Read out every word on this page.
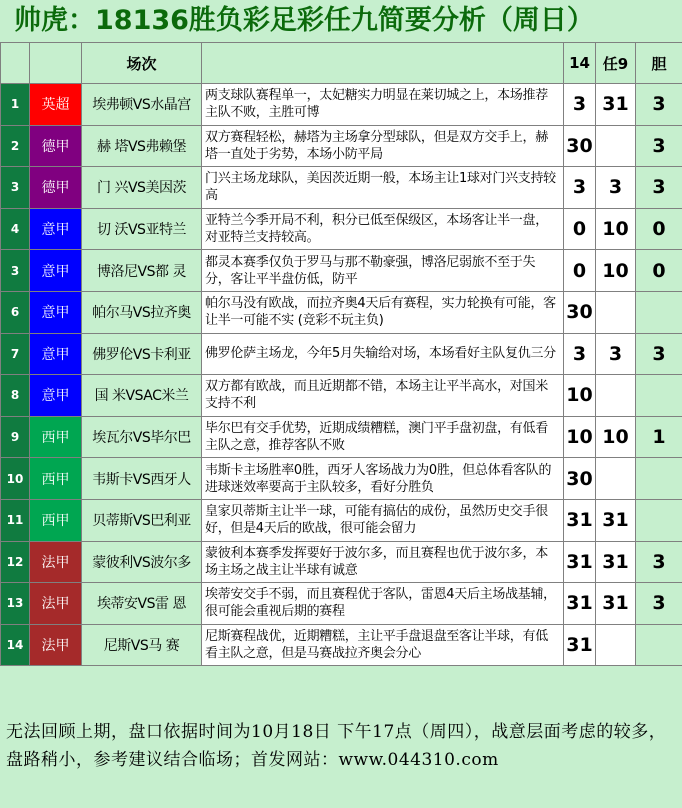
帅虎：18136胜负彩足彩任九简要分析（周日）
		场次		14	任9	胆
1	英超	埃弗顿VS水晶宫	两支球队赛程单一，太妃糖实力明显在莱切城之上，本场推荐主队不败，主胜可博	3	31	3
2	德甲	赫 塔VS弗赖堡	双方赛程轻松，赫塔为主场拿分型球队，但是双方交手上，赫塔一直处于劣势，本场小防平局	30		3
3	德甲	门 兴VS美因茨	门兴主场龙球队，美因茨近期一般，本场主让1球对门兴支持较高	3	3	3
4	意甲	切 沃VS亚特兰	亚特兰今季开局不利，积分已低至保级区，本场客让半一盘，对亚特兰支持较高。	0	10	0
3	意甲	博洛尼VS都 灵	都灵本赛季仅负于罗马与那不勒豪强，博洛尼弱旅不至于失分，客让平半盘仿低，防平	0	10	0
6	意甲	帕尔马VS拉齐奥	帕尔马没有欧战，而拉齐奥4天后有赛程，实力轮换有可能，客让半一可能不实 (竞彩不玩主负)	30		
7	意甲	佛罗伦VS卡利亚	佛罗伦萨主场龙，今年5月失输给对场，本场看好主队复仇三分	3	3	3
8	意甲	国 米VSAC米兰	双方都有欧战，而且近期都不错，本场主让平半高水，对国米支持不利	10		
9	西甲	埃瓦尔VS毕尔巴	毕尔巴有交手优势，近期成绩糟糕，澳门平手盘初盘，有低看主队之意，推荐客队不败	10	10	1
10	西甲	韦斯卡VS西牙人	韦斯卡主场胜率0胜，西牙人客场战力为0胜，但总体看客队的进球迷效率要高于主队较多，看好分胜负	30		
11	西甲	贝蒂斯VS巴利亚	皇家贝蒂斯主让半一球，可能有搞估的成份，虽然历史交手很好，但是4天后的欧战，很可能会留力	31	31	
12	法甲	蒙彼利VS波尔多	蒙彼利本赛季发挥要好于波尔多，而且赛程也优于波尔多，本场主场之战主让半球有诚意	31	31	3
13	法甲	埃蒂安VS雷 恩	埃蒂安交手不弱，而且赛程优于客队，雷恩4天后主场战基辅，很可能会重视后期的赛程	31	31	3
14	法甲	尼斯VS马 赛	尼斯赛程战优，近期糟糕，主让平手盘退盘至客让半球，有低看主队之意，但是马赛战拉齐奥会分心	31		
无法回顾上期，盘口依据时间为10月18日 下午17点（周四），战意层面考虑的较多，盘路稍小，参考建议结合临场；首发网站：www.044310.com
